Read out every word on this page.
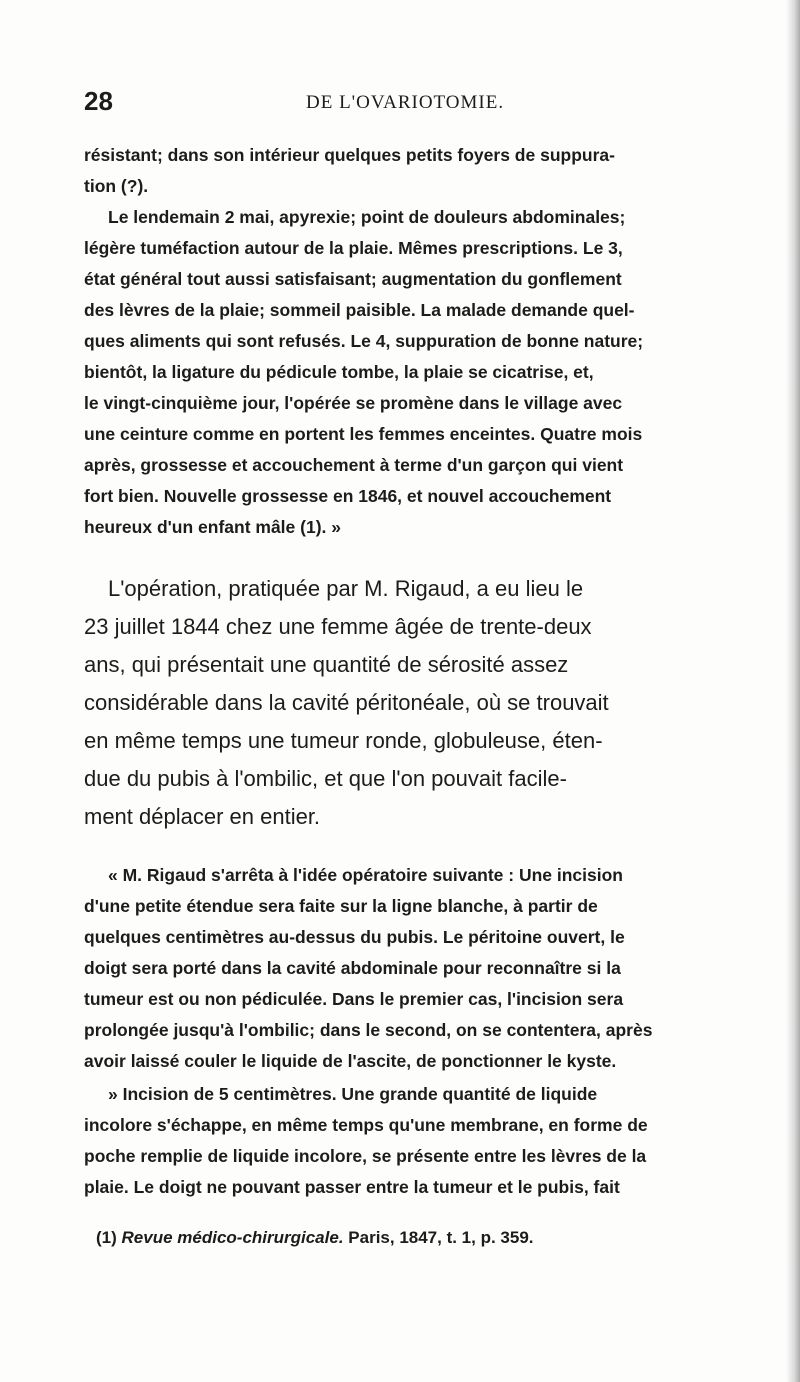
28	DE L'OVARIOTOMIE.
résistant; dans son intérieur quelques petits foyers de suppura-
tion (?).
Le lendemain 2 mai, apyrexie; point de douleurs abdominales;
légère tuméfaction autour de la plaie. Mêmes prescriptions. Le 3,
état général tout aussi satisfaisant; augmentation du gonflement
des lèvres de la plaie; sommeil paisible. La malade demande quel-
ques aliments qui sont refusés. Le 4, suppuration de bonne nature;
bientôt, la ligature du pédicule tombe, la plaie se cicatrise, et,
le vingt-cinquième jour, l'opérée se promène dans le village avec
une ceinture comme en portent les femmes enceintes. Quatre mois
après, grossesse et accouchement à terme d'un garçon qui vient
fort bien. Nouvelle grossesse en 1846, et nouvel accouchement
heureux d'un enfant mâle (1). »
L'opération, pratiquée par M. Rigaud, a eu lieu le
23 juillet 1844 chez une femme âgée de trente-deux
ans, qui présentait une quantité de sérosité assez
considérable dans la cavité péritonéale, où se trouvait
en même temps une tumeur ronde, globuleuse, éten-
due du pubis à l'ombilic, et que l'on pouvait facile-
ment déplacer en entier.
« M. Rigaud s'arrêta à l'idée opératoire suivante : Une incision
d'une petite étendue sera faite sur la ligne blanche, à partir de
quelques centimètres au-dessus du pubis. Le péritoine ouvert, le
doigt sera porté dans la cavité abdominale pour reconnaître si la
tumeur est ou non pédiculée. Dans le premier cas, l'incision sera
prolongée jusqu'à l'ombilic; dans le second, on se contentera, après
avoir laissé couler le liquide de l'ascite, de ponctionner le kyste.
» Incision de 5 centimètres. Une grande quantité de liquide
incolore s'échappe, en même temps qu'une membrane, en forme de
poche remplie de liquide incolore, se présente entre les lèvres de la
plaie. Le doigt ne pouvant passer entre la tumeur et le pubis, fait
(1) Revue médico-chirurgicale. Paris, 1847, t. 1, p. 359.
